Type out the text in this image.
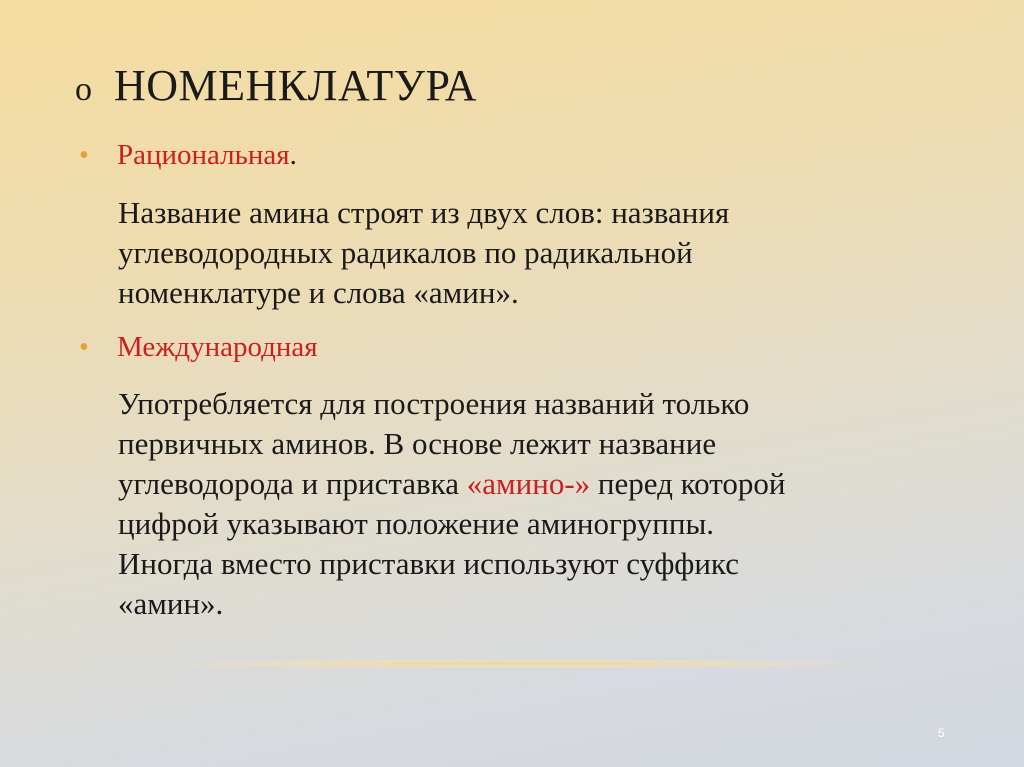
o НОМЕНКЛАТУРА
• Рациональная.
Название амина строят из двух слов: названия
углеводородных радикалов по радикальной
номенклатуре и слова «амин».
• Международная
Употребляется для построения названий только
первичных аминов. В основе лежит название
углеводорода и приставка «амино-» перед которой
цифрой указывают положение аминогруппы.
Иногда вместо приставки используют суффикс
«амин».
5
